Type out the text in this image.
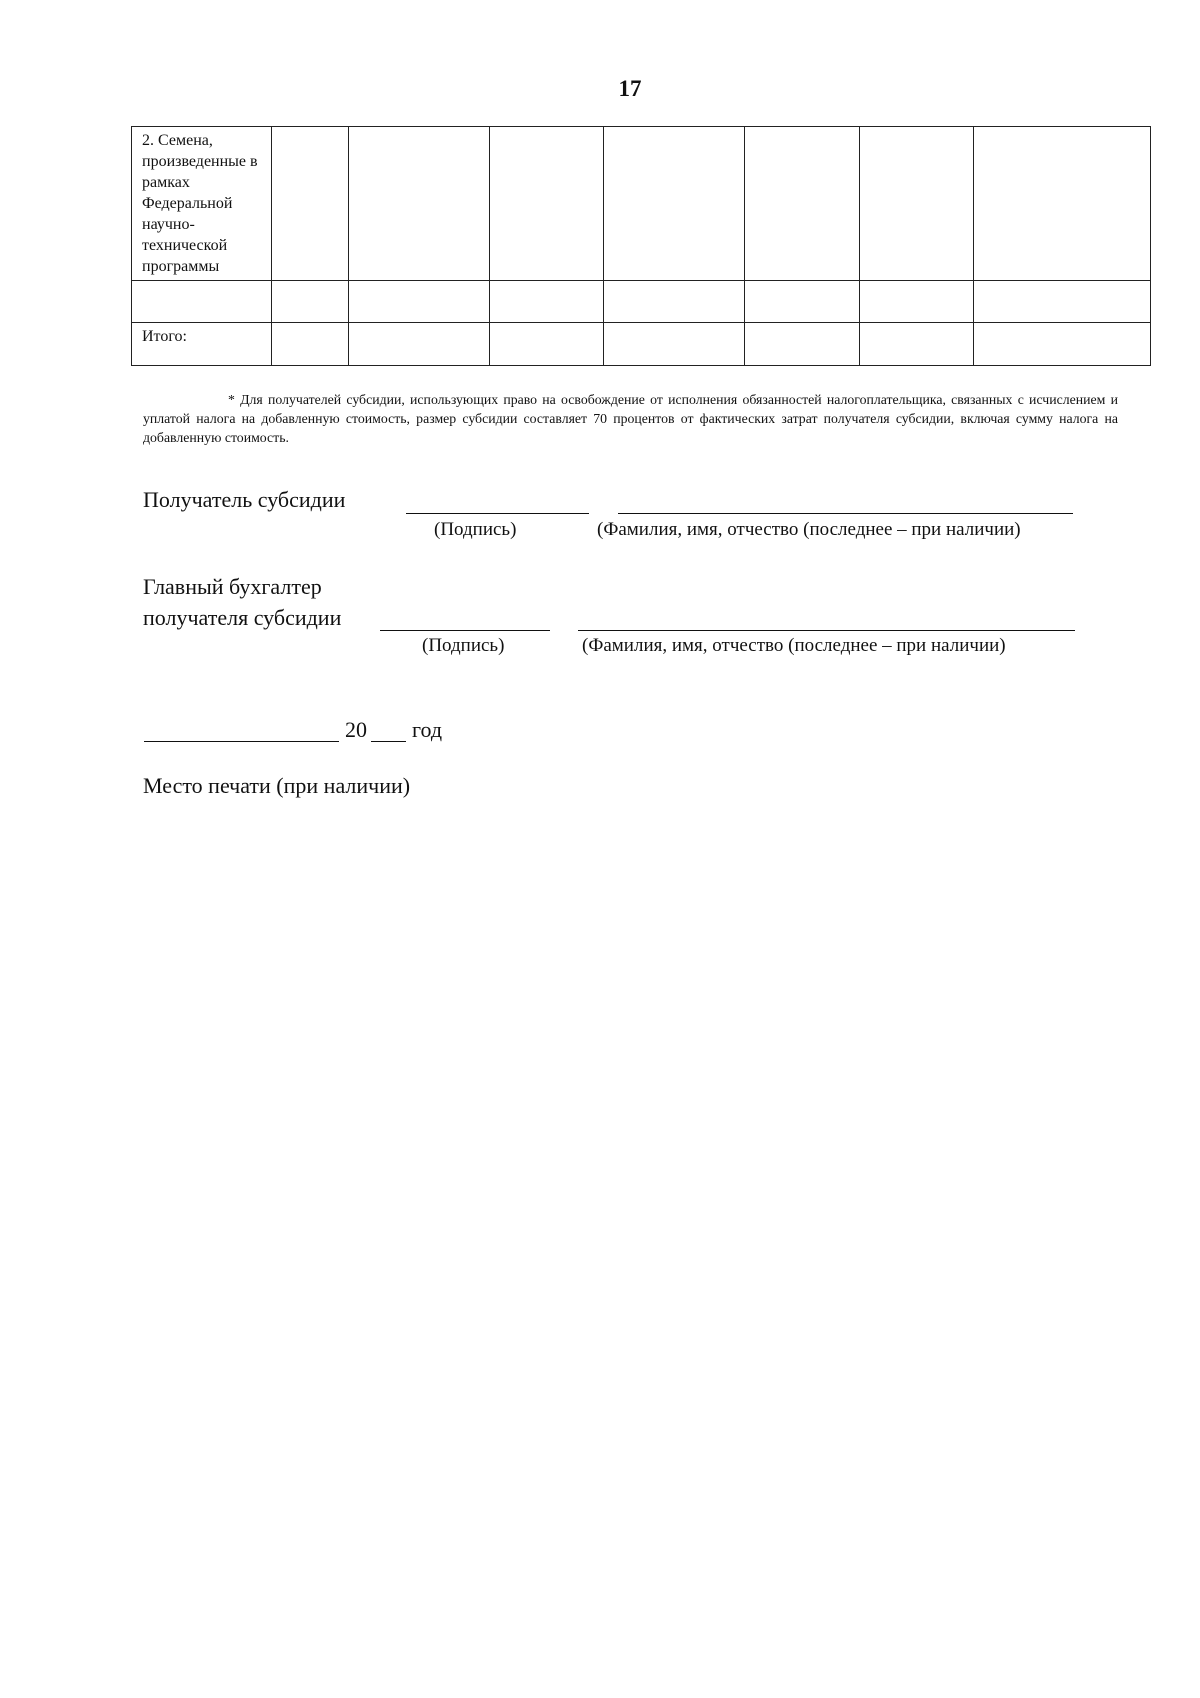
17
2. Семена, произведенные в рамках Федеральной научно-технической программы							

Итого:							
* Для получателей субсидии, использующих право на освобождение от исполнения обязанностей налогоплательщика, связанных с исчислением и уплатой налога на добавленную стоимость, размер субсидии составляет 70 процентов от фактических затрат получателя субсидии, включая сумму налога на добавленную стоимость.
Получатель субсидии
(Подпись)	(Фамилия, имя, отчество (последнее – при наличии)
Главный бухгалтер
получателя субсидии
(Подпись)	(Фамилия, имя, отчество (последнее – при наличии)
20 год
Место печати (при наличии)
